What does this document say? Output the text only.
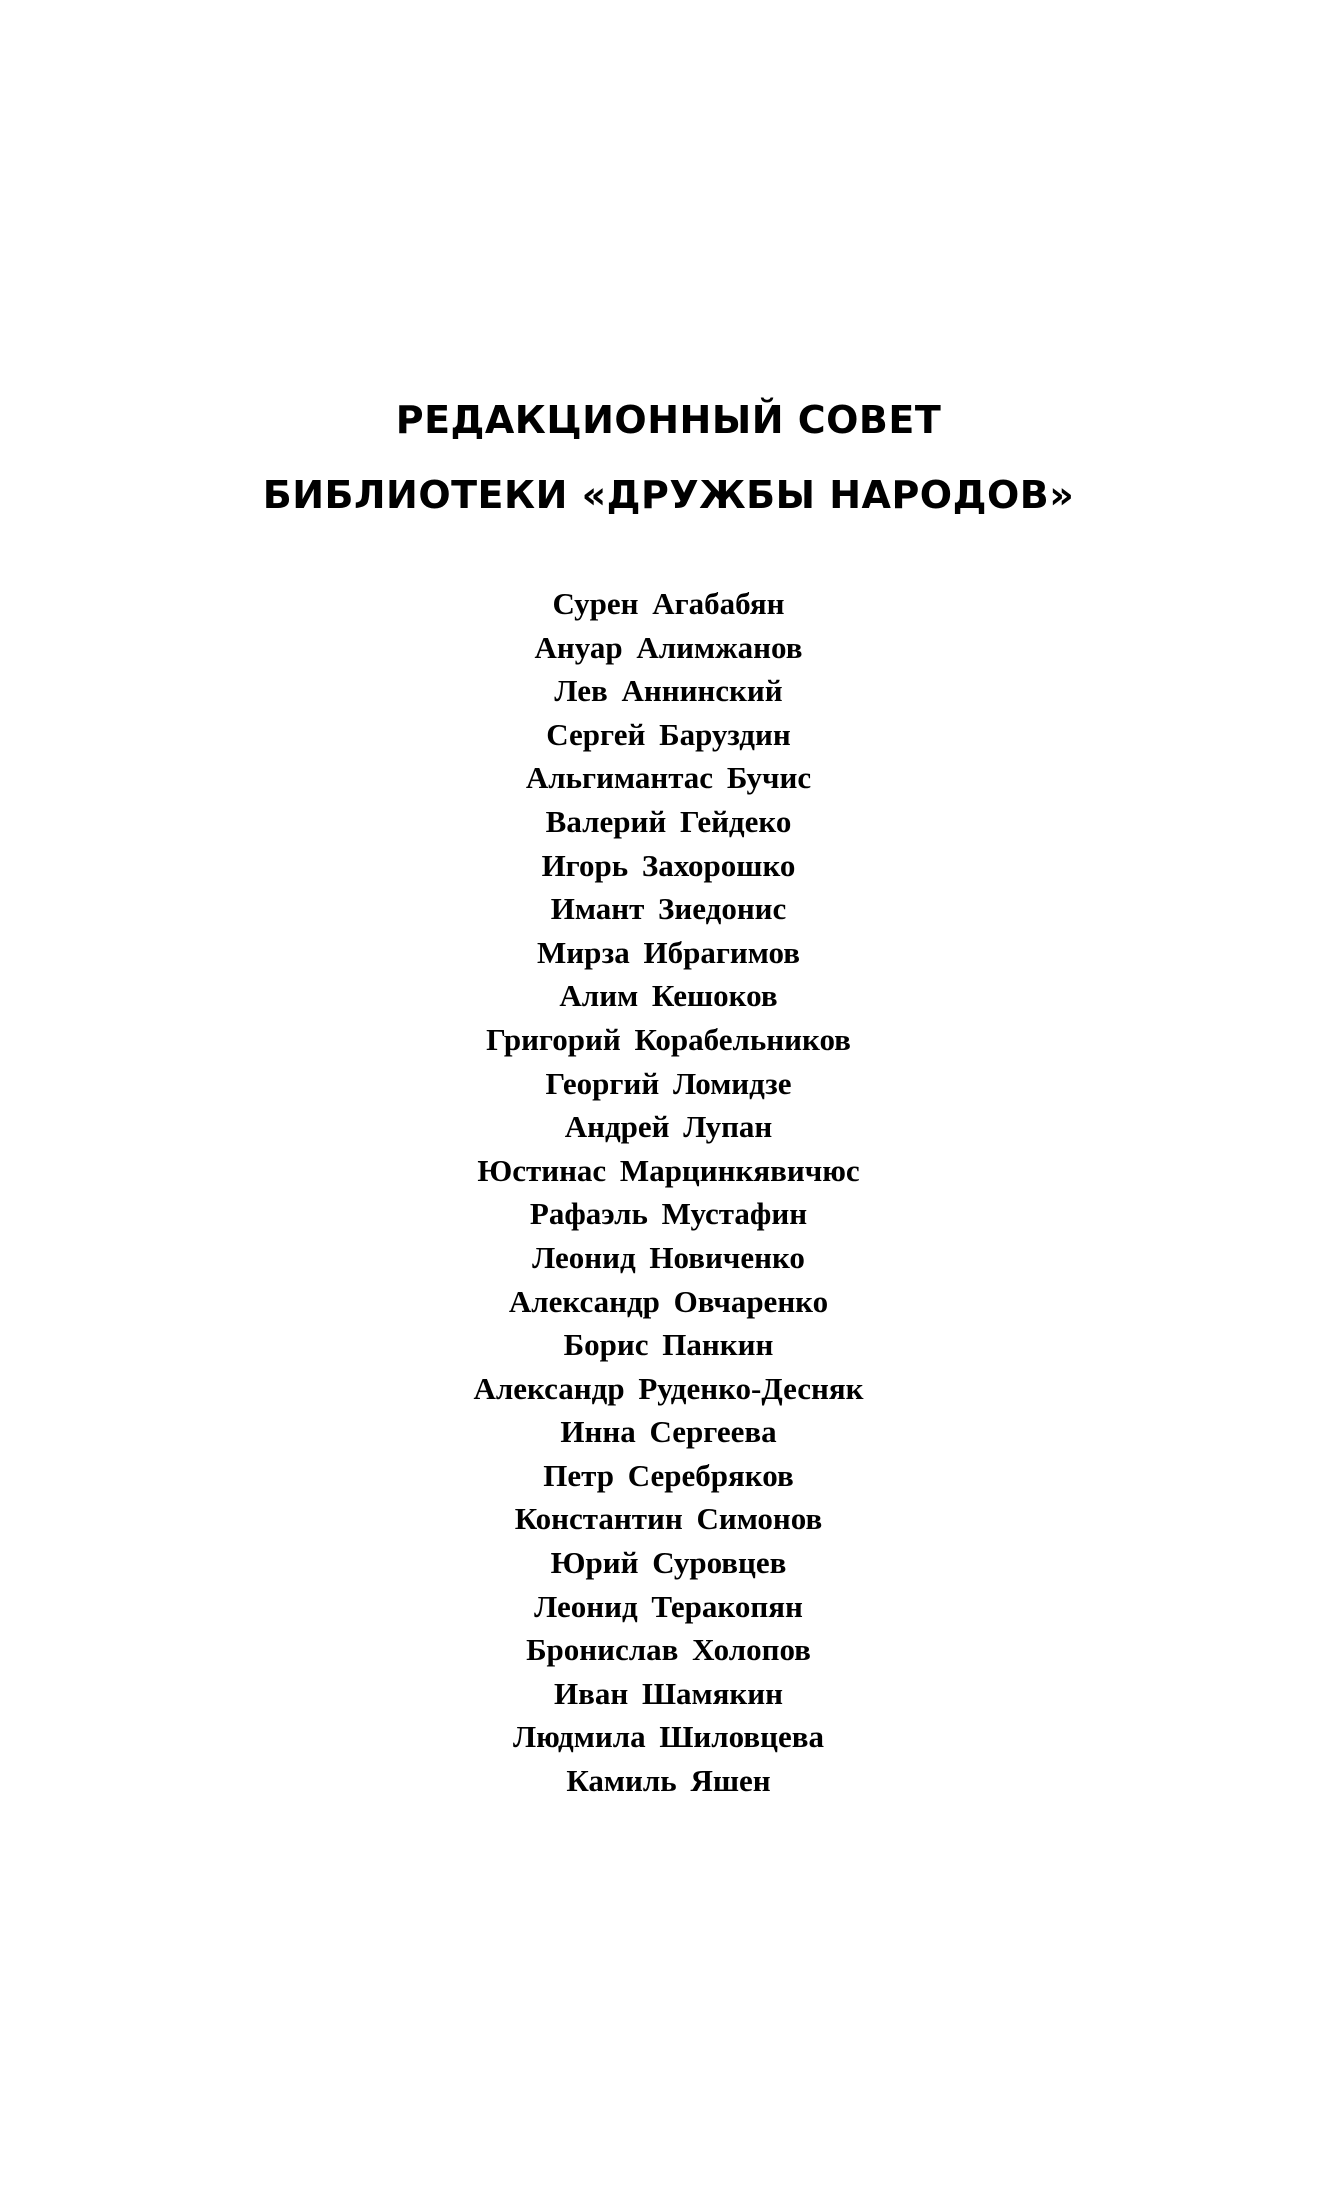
РЕДАКЦИОННЫЙ СОВЕТ
БИБЛИОТЕКИ «ДРУЖБЫ НАРОДОВ»
Сурен Агабабян
Ануар Алимжанов
Лев Аннинский
Сергей Баруздин
Альгимантас Бучис
Валерий Гейдеко
Игорь Захорошко
Имант Зиедонис
Мирза Ибрагимов
Алим Кешоков
Григорий Корабельников
Георгий Ломидзе
Андрей Лупан
Юстинас Марцинкявичюс
Рафаэль Мустафин
Леонид Новиченко
Александр Овчаренко
Борис Панкин
Александр Руденко-Десняк
Инна Сергеева
Петр Серебряков
Константин Симонов
Юрий Суровцев
Леонид Теракопян
Бронислав Холопов
Иван Шамякин
Людмила Шиловцева
Камиль Яшен
